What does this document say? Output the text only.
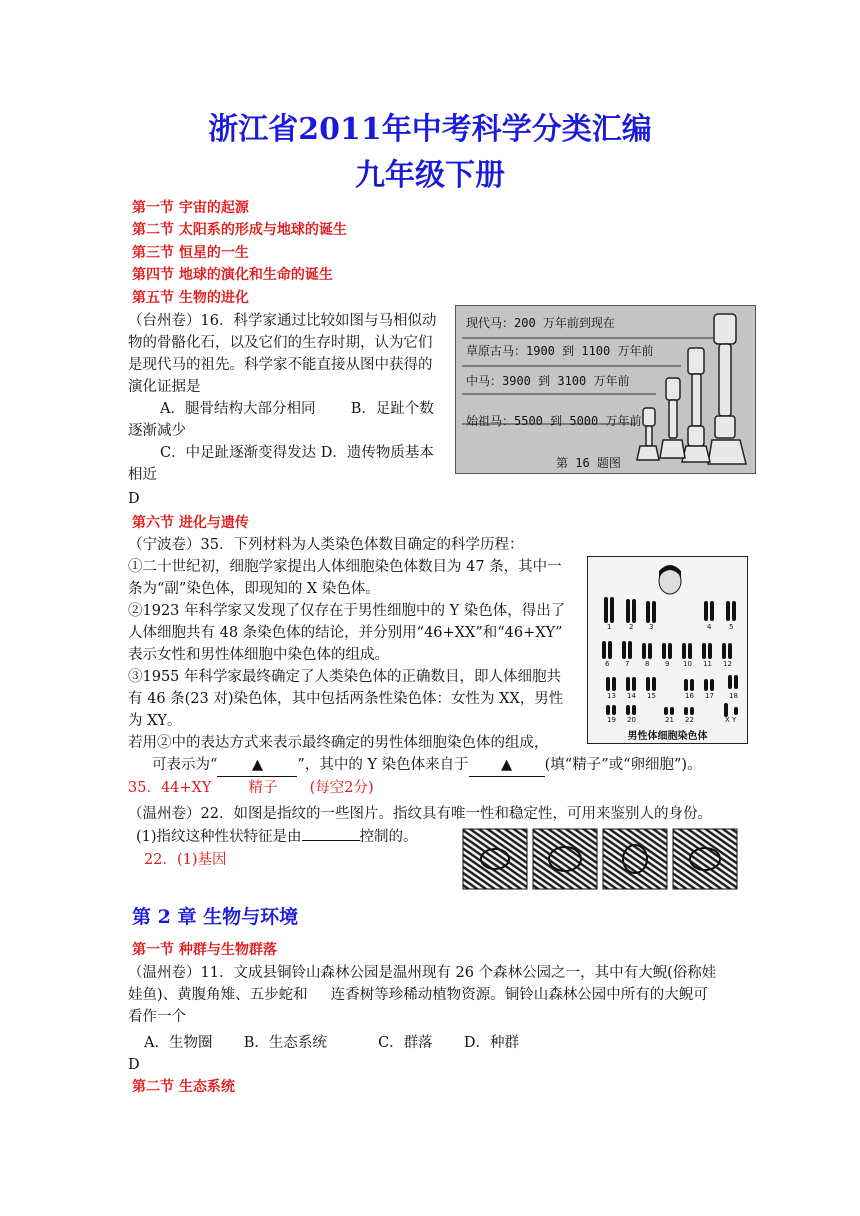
浙江省2011年中考科学分类汇编
九年级下册
第一节 宇宙的起源
第二节 太阳系的形成与地球的诞生
第三节 恒星的一生
第四节 地球的演化和生命的诞生
第五节 生物的进化
（台州卷）16．科学家通过比较如图与马相似动
物的骨骼化石，以及它们的生存时期，认为它们
是现代马的祖先。科学家不能直接从图中获得的
演化证据是
A．腿骨结构大部分相同 B．足趾个数
逐渐减少
C．中足趾逐渐变得发达 D．遗传物质基本
相近
D
现代马：200 万年前到现在
草原古马：1900 到 1100 万年前
中马：3900 到 3100 万年前
始祖马：5500 到 5000 万年前
第 16 题图
第六节 进化与遗传
（宁波卷）35．下列材料为人类染色体数目确定的科学历程：
①二十世纪初，细胞学家提出人体细胞染色体数目为 47 条，其中一
条为“副”染色体，即现知的 X 染色体。
②1923 年科学家又发现了仅存在于男性细胞中的 Y 染色体，得出了
人体细胞共有 48 条染色体的结论，并分别用“46+XX”和“46+XY”
表示女性和男性体细胞中染色体的组成。
③1955 年科学家最终确定了人类染色体的正确数目，即人体细胞共
有 46 条(23 对)染色体，其中包括两条性染色体：女性为 XX，男性
为 XY。
若用②中的表达方式来表示最终确定的男性体细胞染色体的组成，
可表示为“ ▲ ”，其中的 Y 染色体来自于 ▲ (填“精子”或“卵细胞”)。
35．44+XY        精子       (每空2分)
1	2 3	4	5
6 7 8 9 10 11 12
13 14 15	16 17 18
19 20	21 22	X Y
男性体细胞染色体
（温州卷）22．如图是指纹的一些图片。指纹具有唯一性和稳定性，可用来鉴别人的身份。
(1)指纹这种性状特征是由	控制的。
22．(1)基因
第 2 章 生物与环境
第一节 种群与生物群落
（温州卷）11．文成县铜铃山森林公园是温州现有 26 个森林公园之一，其中有大鲵(俗称娃
娃鱼)、黄腹角雉、五步蛇和     连香树等珍稀动植物资源。铜铃山森林公园中所有的大鲵可
看作一个
A．生物圈 B．生态系统	C．群落 D．种群
D
第二节 生态系统
